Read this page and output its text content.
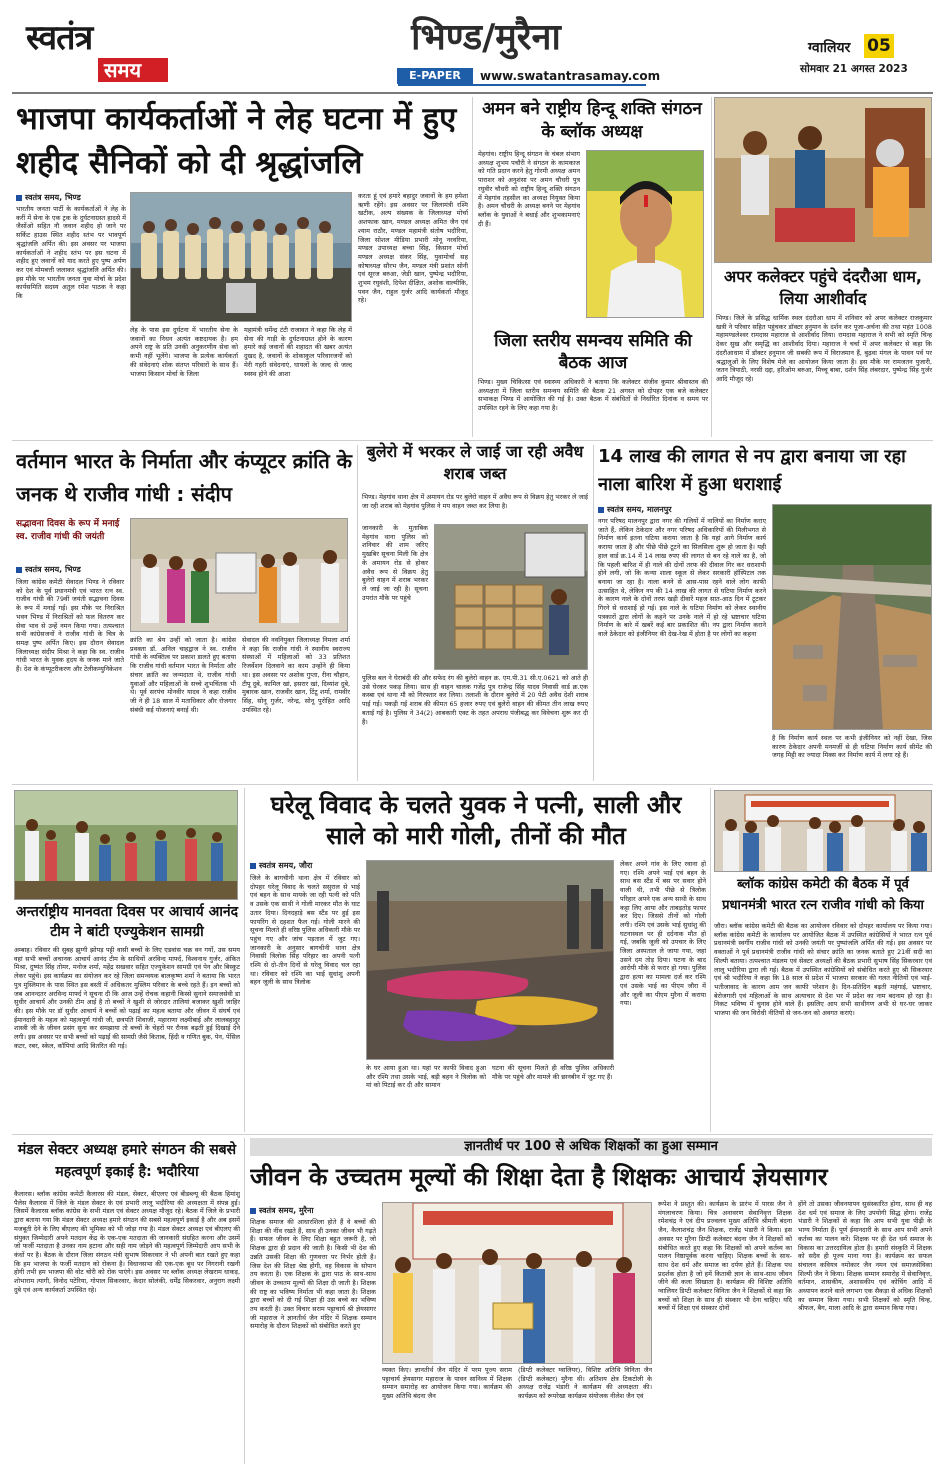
स्वतंत्र
समय
भिण्ड/मुरैना
E-PAPER	www.swatantrasamay.com
ग्वालियर 05
सोमवार 21 अगस्त 2023
भाजपा कार्यकर्ताओं ने लेह घटना में हुए शहीद सैनिकों को दी श्रृद्धांजलि
स्वतंत्र समय, भिण्ड
भारतीय जनता पार्टी के कार्यकर्ताओं ने लेह के करीं में सेना के एक ट्रक के दुर्घटनाग्रस्त हादसे में जैसोंओ सहित नौ जवान शहीद हो जाने पर सर्किट हाउस स्थित शहीद स्तंभ पर भावपूर्ण श्रृद्धांजलि अर्पित की। इस अवसर पर भाजपा कार्यकर्ताओं ने शहीद स्तंभ पर इस घटना में शहीद हुए जवानों को याद करते हुए पुष्प अर्पण कर एवं मोमबत्ती जलाकर श्रृद्धांजलि अर्पित की। इस मौके पर भारतीय जनता युवा मोर्चा के प्रदेश कार्यसमिति सदस्य अतुल रमेश पाठक ने कहा कि
लेह के पास इस दुर्घटना में भारतीय सेना के जवानों का निधन अत्यंत कष्टदायक है। हम अपने राष्ट्र के प्रति उनकी अनुकरणीय सेवा को कभी नहीं भूलेंगे। भाजपा के प्रत्येक कार्यकर्ता की संवेदनाएं शोक संतप्त परिवारों के साथ हैं। भाजपा किसान मोर्चा के जिला
महामंत्री धर्मेन्द्र टंटी राजावत ने कहा कि लेह में सेना की गाड़ी के दुर्घटनाग्रस्त होने के कारण हमारे कई जवानों की शहादत की खबर अत्यंत दुखद है, जवानों के शोकाकुल परिवारजनों को मेरी गहरी संवेदनाएं, घायलों के जल्द से जल्द स्वस्थ होने की आशा
करता हूं एवं हमारे बहादुर जवानों के हम हमेशा ऋणी रहेंगे। इस अवसर पर जिलामंत्री रश्मि खटीक, अल्प संख्यक के जिलाध्यक्ष मोर्चा अशफाक खान, मण्डल अध्यक्ष अमित जैन एवं श्याम राठौर, मण्डल महामंत्री संतोष भदौरिया, जिला सोशल मीडिया प्रभारी मोनू नरवरिया, मण्डल उपाध्यक्ष बच्चा सिंह, किसान मोर्चा मण्डल अध्यक्ष संकर सिंह, युवामोर्चा सह कोषाध्यक्ष सौरभ जैन, मण्डल मंत्री प्रशांत सोनी एवं सूरज बरुआ, जेडी खान, पुष्पेन्द्र भदौरिया, शुभम रघुवंशी, दिपेश दीक्षित, अशोक वाल्मीकि, पवन जैन, राहुल गुर्जर आदि कार्यकर्ता मौजूद रहे।
अमन बने राष्ट्रीय हिन्दू शक्ति संगठन के ब्लॉक अध्यक्ष
मेहगांव। राष्ट्रीय हिन्दू संगठन के चंबल संभाग अध्यक्ष शुभम पचौरी ने संगठन के कामकाज को गति प्रदान करने हेतु गोरमी अध्यक्ष अमन पाराशर को अनुशंसा पर अमन चौधरी पुत्र रघुवीर चौधरी को राष्ट्रीय हिन्दू शक्ति संगठन में मेहगांव तहसील का अध्यक्ष नियुक्त किया है। अमन चौधरी के अध्यक्ष बनने पर मेहगांव ब्लॉक के युवाओं ने बधाई और शुभकामनाएं दी हैं।
जिला स्तरीय समन्वय समिति की बैठक आज
भिण्ड। मुख्य चिकित्सा एवं स्वास्थ्य अधिकारी ने बताया कि कलेक्टर संजीव कुमार श्रीवास्तव की अध्यक्षता में जिला स्तरीय समन्वय समिति की बैठक 21 अगस्त को दोपहर एक बजे कलेक्टर सभाकक्ष भिण्ड में आयोजित की गई है। उक्त बैठक में संबंधितों से निर्धारित दिनांक व समय पर उपस्थित रहने के लिए कहा गया है।
अपर कलेक्टर पहुंचे दंदरौआ धाम, लिया आशीर्वाद
भिण्ड। जिले के प्रसिद्ध धार्मिक स्थल दंदरौआ धाम में शनिवार को अपर कलेक्टर राजकुमार खत्री ने परिवार सहित पहुंचकर डॉक्टर हनुमान के दर्शन कर पूजा-अर्चना की तथा महंत 1008 महामण्डलेश्वर रामदास महाराज से आशीर्वाद लिया। रामदास महाराज ने सभी को स्मृति चिन्ह देकर सुख और समृद्धि का आशीर्वाद दिया। महाराज ने चर्चा में अपर कलेक्टर से कहा कि दंदरौआधाम में डॉक्टर हनुमान जी सबकी रूप में विराजमान हैं, बुढ़वा मंगल के पावन पर्व पर श्रद्धालुओं के लिए विशेष मेले का आयोजन किया जाता है। इस मौके पर रामजतन पुजारी, जतन त्रिपाठी, नरसी दद्दा, हरिओम बरुआ, मिच्चू बाबा, दर्शन सिंह लंबरदार, पुष्पेन्द्र सिंह गुर्जर आदि मौजूद रहे।
वर्तमान भारत के निर्माता और कंप्यूटर क्रांति के जनक थे राजीव गांधी : संदीप
सद्भावना दिवस के रूप में मनाई स्व. राजीव गांधी की जयंती
स्वतंत्र समय, भिण्ड
जिला कांग्रेस कमेटी सेवादल भिण्ड ने रविवार को देश के पूर्व प्रधानमंत्री एवं भारत रत्न स्व. राजीव गांधी की 79वीं जयंती सद्भावना दिवस के रूप में मनाई गई। इस मौके पर निराश्रित भवन भिण्ड में निराश्रितों को फल वितरण कर सेवा भाव से उन्हें नमन किया गया। तत्पश्चात सभी कांग्रेसजनों ने राजीव गांधी के चित्र के समक्ष पुष्प अर्पित किए। इस दौरान सेवादल जिलाध्यक्ष संदीप मिश्रा ने कहा कि स्व. राजीव गांधी भारत के युवक हृदय के जनक माने जाते हैं। देश के कंप्यूटरीकरण और टेलीकम्युनिकेशन
क्रांति का श्रेय उन्हीं को जाता है। कांग्रेस प्रवक्ता डॉ. अनिल चाहद्वाज ने स्व. राजीव गांधी के व्यक्तित्व पर प्रकाश डालते हुए बताया कि राजीव गांधी वर्तमान भारत के निर्माता और संचार क्रांति का जन्मदाता थे, राजीव गांधी युवाओं और महिलाओं के सच्चे शुभचिंतक भी थे। पूर्व सरपंच मोनवीर यादव ने कहा राजीव जी ने ही 18 साल में मताधिकार और रोजगार संबंधी कई योजनाएं बनाई थी।
सेवादल की नवनियुक्त जिलाध्यक्ष निमला शर्मा ने कहा कि राजीव गांधी ने स्थानीय स्वराज्य संस्थाओं में महिलाओं को 33 प्रतिशत रिजर्वेशन दिलवाने का काम उन्होंने ही किया था। इस अवसर पर अशोक गुप्ता, रीना चौहान, टीपू दुबे, कामिल खां, इसरार खां, दिव्यांश दुबे, मुबारक खान, राजवीर खान, टिंटू शर्मा, रामवीर सिंह, सोनू गुर्जर, नरेन्द्र, सोनू पुरोहित आदि उपस्थित रहे।
बुलेरो में भरकर ले जाई जा रही अवैध शराब जब्त
भिण्ड। मेहगांव थाना क्षेत्र में अमायन रोड पर बुलेरो वाहन में अवैध रूप से विक्रय हेतु भरकर ले जाई जा रही शराब को मेहगांव पुलिस ने मय वाहन जब्त कर लिया है।
जानकारी के मुताबिक मेहगांव थाना पुलिस को शनिवार की शाम जरिए मुखबिर सूचना मिली कि क्षेत्र के अमायन रोड से होकर अवैध रूप से विक्रय हेतु बुलेरो वाहन में शराब भरकर ले जाई जा रही है। सूचना उपरांत मौके पर पहुंचे
पुलिस बल ने घेराबंदी की और सफेद रंग की बुलेरो वाहन क्र. एम.पी.31 सी.ए.0621 को आते ही उसे घेरकर पकड़ लिया। साथ ही वाहन चालक गजेंद्र पुत्र राजेन्द्र सिंह यादव निवासी वार्ड क्र.एक कस्बा एवं थाना मौ को गिरफ्तार कर लिया। तलाशी के दौरान बुलेरो में 20 पेटी अवैध देशी शराब पाई गई। पकड़ी गई शराब की कीमत 65 हजार रुपए एवं बुलेरो वाहन की कीमत तीन लाख रुपए बताई गई है। पुलिस ने 34(2) आबकारी एक्ट के तहत अपराध पंजीबद्ध कर विवेचना शुरू कर दी है।
14 लाख की लागत से नप द्वारा बनाया जा रहा नाला बारिश में हुआ धराशाई
स्वतंत्र समय, मालनपुर
नगर परिषद मालनपुर द्वारा नगर की गलियों में नालियों का निर्माण कराए जाते हैं, लेकिन ठेकेदार और नगर परिषद अधिकारियों की मिलीभगत से निर्माण कार्य इतना घटिया कराया जाता है कि यहां आगे निर्माण कार्य कराया जाता है और पीछे पीछे टूटने का सिलसिला शुरू हो जाता है। यही हाल वार्ड क्र.14 में 14 लाख रुपए की लागत से बन रहे नाले का है, जो कि पहली बारिश में ही नाले की दोनों तरफ की दीवाल गिर कर धराशायी होने लगी, जो कि कन्या शाला स्कूल से लेकर सरकारी हॉस्पिटल तक बनाया जा रहा है। नाला बनने से आस-पास रहने वाले लोग काफी उत्साहित थे, लेकिन नप की 14 लाख की लागत से घटिया निर्माण करने के कारण नाले के दोनों तरफ खड़ी दीवारें महज सात-आठ दिन में टूटकर गिरने से धराशाई हो गई। इस नाले के घटिया निर्माण को लेकर स्थानीय पत्रकारों द्वारा लोगों के कहने पर उनके नाले में हो रहे भ्रष्टाचार घटिया निर्माण के बारे में खबरें कई बार प्रकाशित की। नप द्वारा निर्माण कराने वाले ठेकेदार को इंजीनियर की देख-रेख में होता है पर लोगों का कहना
है कि निर्माण कार्य स्थल पर कभी इंजीनियर को नहीं देखा, जिस कारण ठेकेदार अपनी मनमर्जी से ही घटिया निर्माण कार्य सीमेंट की जगह मिट्टी का ज्यादा मिक्स कर निर्माण कार्य में लगा रहे हैं।
अन्तर्राष्ट्रीय मानवता दिवस पर आचार्य आनंद टीम ने बांटी एज्युकेशन सामग्री
अम्बाह। रविवार की सुबह झुग्गी झोपड़ पट्टी वासी बच्चों के लिए एडवांस चक्र वन गर्यो, उस समय वहां सभी बच्चों अचानक आचार्य आनंद टीम के साथियों अरविन्द मार्फ्द, विश्वनाथ गुर्जर, अंकित मिश्रा, दुष्यंत सिंह तोमर, मनोज शर्मा, महेंद्र सखवार सहित एज्युकेशन सामग्री एवं पेन और बिस्कुट लेकर पहुंचे। इस कार्यक्रम का संयोजन कर रहे जिला समन्वयक बालकृष्ण शर्मा ने बताया कि भारत पुत्र मुस्लिमान के पास स्थित इस बस्ती में अधिकतर मुस्लिम परिवार के बच्चे रहते हैं। इन बच्चों को जब आनन्दतर अरविन्द मार्फ्द ने सूचना दी कि आज उन्हें रोचक कहानी किस्से सुनाने समाजसेवी डा सुधीर आचार्य और उनकी टीम आई है तो बच्चों ने खुशी से जोरदार तालियां बजाकर खुशी जाहिर की। इस मौके पर डॉ सुधीर आचार्य ने बच्चों को पढ़ाई का महत्व बताया और जीवन में संघर्ष एवं ईमानदारी के महत्व को महत्वपूर्ण गांधी जी, छत्रपति शिवाजी, महाराणा लक्ष्मीबाई और लालबहादुर शास्त्री जी के जीवन प्रसंग सुना कर समझाया तो बच्चों के चेहरों पर रौनक बढ़ती हुई दिखाई देने लगी। इस अवसर पर सभी बच्चों को पढ़ाई की सामग्री जैसे किताब, हिंदी व गणित बुक, पेन, पेंसिल कटर, रबर, स्केल, कॉपियां आदि वितरित की गई।
घरेलू विवाद के चलते युवक ने पत्नी, साली और साले को मारी गोली, तीनों की मौत
स्वतंत्र समय, जौरा
जिले के बागचीनी थाना क्षेत्र में रविवार को दोपहर घरेलू विवाद के चलते ससुराल से भाई एवं बहन के साथ मायके जा रही पत्नी को पति व उसके एक साथी ने गोली मारकर मौत के घाट उतार दिया। दिनदहाड़े बस स्टैंड पर हुई इस फायरिंग से दहशत फैल गई। गोली मारने की सूचना मिलते ही वरिष्ठ पुलिस अधिकारी मौके पर पहुंच गए और जांच पड़ताल में जुट गए। जानकारी के अनुसार बागचीनी थाना क्षेत्र निवासी त्रिलोक सिंह परिहार का अपनी पत्नी रश्मि से दो-तीन दिनों से घरेलू विवाद चल रहा था। रविवार को रश्मि का भाई सुधांशु अपनी बहन जूली के साथ त्रिलोक
के घर आया हुआ था। यहां पर काफी विवाद हुआ और रश्मि तथा उसके भाई, बड़ी बहन ने त्रिलोक को मां को पिटाई कर दी और सामान
घटना की सूचना मिलते ही वरिष्ठ पुलिस अधिकारी मौके पर पहुंचे और मामले की छानबीन में जुट गए हैं।
लेकर अपने गांव के लिए रवाना हो गए। रश्मि अपने भाई एवं बहन के साथ बस स्टैंड में बस पर सवार होने वाली थी, तभी पीछे से त्रिलोक परिहार अपने एक अन्य साथी के साथ कट्टा लिए आया और ताबड़तोड़ फायर कर दिए। जिससे तीनों को गोली लगी। रश्मि एवं उसके भाई सुधांशु की घटनास्थल पर ही दर्दनाक मौत हो गई, जबकि जूली को उपचार के लिए जिला अस्पताल ले जाया गया, जहां उसने दम तोड़ दिया। घटना के बाद आरोपी मौके से फरार हो गया। पुलिस द्वारा हत्या का मामला दर्ज कर रश्मि एवं उसके भाई का पीएम जौरा में और जूली का पीएम मुरैना में कराया गया।
ब्लॉक कांग्रेस कमेटी की बैठक में पूर्व प्रधानमंत्री भारत रत्न राजीव गांधी को किया
जौरा। ब्लॉक कांग्रेस कमेटी की बैठक का आयोजन रविवार को दोपहर कार्यालय पर किया गया। ब्लॉक कांग्रेस कमेटी के कार्यालय पर आयोजित बैठक में उपस्थित कांग्रेसियों ने भारत रत्न पूर्व प्रधानमंत्री स्वर्गीय राजीव गांधी को उनकी जयंती पर पुष्पांजलि अर्पित की गई। इस अवसर पर वक्ताओं ने पूर्व प्रधानमंत्री राजीव गांधी को संचार क्रांति का जनक बताते हुए 21वीं सदी का शिल्पी बताया। तत्पश्चात मंडलम एवं सेक्टर अध्यक्षों की बैठक प्रभारी सुभाष सिंह सिकरवार एवं लालू भदौरिया द्वारा ली गई। बैठक में उपस्थित कांग्रेसियों को संबोधित करते हुए श्री सिकरवार एवं श्री भदौरिया ने कहा कि 18 साल से प्रदेश में भाजपा सरकार की गलत नीतियों एवं भाई-भतीजावाद के कारण आम जन काफी परेशान है। दिन-प्रतिदिन बढ़ती महंगाई, भ्रष्टाचार, बेरोजगारी एवं महिलाओं के साथ अत्याचार से देश भर में प्रदेश का नाम बदनाम हो रहा है। निकट भविष्य में चुनाव होने वाले हैं। इसलिए आप सभी साथीगण अभी से घर-घर जाकर भाजपा की जन विरोधी नीतियों से जन-जन को अवगत कराएं।
मंडल सेक्टर अध्यक्ष हमारे संगठन की सबसे महत्वपूर्ण इकाई है: भदौरिया
कैलारस। ब्लॉक कांग्रेस कमेटी कैलारस की मंडल, सेक्टर, बीएलए एवं बीडब्ल्यू की बैठक हिमांशु पैलेस कैलारस में जिले के मंडल सेक्टर के एवं प्रभारी लालू भदौरिया की अध्यक्षता में संपन्न हुई। जिसमें कैलारस ब्लॉक कांग्रेस के सभी मंडल एवं सेक्टर अध्यक्ष मौजूद रहे। बैठक में जिले के प्रभारी द्वारा बताया गया कि मंडल सेक्टर अध्यक्ष हमारे संगठन की सबसे महत्वपूर्ण इकाई है और अब इसमें मजबूती देने के लिए बीएलए की भूमिका को भी जोड़ा गया है। मंडल सेक्टर अध्यक्ष एवं बीएलए की संयुक्त जिम्मेदारी अपने मतदान केंद्र के एक-एक मतदाता की जानकारी संग्रहित करना और उसमें जो फर्जी मतदाता है उनका नाम हटाना और सही नाम जोड़ने की महत्वपूर्ण जिम्मेदारी आप सभी के कंधों पर है। बैठक के दौरान जिला संगठन मंत्री सुभाष सिकरवार ने भी अपनी बात रखते हुए कहा कि हम भाजपा के फर्जी मतदान को रोकना है। विधानसभा की एक-एक बूथ पर निगरानी रखनी होगी तभी हम भाजपा की वोट चोरी को रोक पाएंगे। इस अवसर पर ब्लॉक अध्यक्ष लेखराम धाकड़, शोभाराम त्यागी, विनोद पटेरिया, गोपाल सिकरवार, केदार सोलंकी, धर्मेंद्र सिकरवार, अनुराग लक्ष्मी दुबे एवं अन्य कार्यकर्ता उपस्थित रहे।
ज्ञानतीर्थ पर 100 से अधिक शिक्षकों का हुआ सम्मान
जीवन के उच्चतम मूल्यों की शिक्षा देता है शिक्षकः आचार्य ज्ञेयसागर
स्वतंत्र समय, मुरैना
शिक्षक समाज की आधारशिला होते हैं वे बच्चों की शिक्षा की नींव रखते हैं, साथ ही उनका जीवन भी गढ़ते हैं। सफल जीवन के लिए शिक्षा बहुत जरूरी है, जो शिक्षक द्वारा ही प्रदान की जाती है। किसी भी देश की उन्नति उसकी शिक्षा की गुणवत्ता पर निर्भर होती है। जिस देश की शिक्षा श्रेष्ठ होगी, वह विकास के सोपान तय करता है। एक शिक्षक के द्वारा पाठ के साथ-साथ जीवन के उच्चतम मूल्यों की शिक्षा दी जाती है। शिक्षक की राष्ट्र का भविष्य निर्माता भी कहा जाता है। शिक्षक द्वारा बच्चों को दी गई शिक्षा ही उस बच्चे का भविष्य तय करती है। उक्त विचार सराम पट्टाचार्य श्री ज्ञेयसागर जी महाराज ने ज्ञानतीर्थ जैन मंदिर में शिक्षक सम्मान समारोह के दौरान शिक्षकों को संबोधित करते हुए
व्यक्त किए। ज्ञानतीर्थ जैन मंदिर में परम पूज्य सराम पट्टाचार्य ज्ञेयसागर महाराज के पावन सानिध्य में शिक्षक सम्मान समारोह का आयोजन किया गया। कार्यक्रम की मुख्य अतिथि बंदना जैन
(डिप्टी कलेक्टर ग्वालियर), विशिष्ट अतिथि विनिता जैन (डिप्टी कलेक्टर) मुरैना थी। अतिशय क्षेत्र टिकटोली के अध्यक्ष राजेंद्र भंडारी ने कार्यक्रम की अध्यक्षता की। कार्यक्रम को रूपरेखा कार्यक्रम संयोजक नीलेश जैन एवं
रूपेश ने प्रस्तुत की। कार्यक्रम के प्रारंभ में पारस जैन ने मंगलाचरण किया। चित्र अनावरण सेवानिवृत्त शिक्षक रमेशचंद्र ने एवं दीप प्रज्वलन मुख्य अतिथि श्रीमती बंदना जैन, कैलाशचंद्र जैन शिक्षक, राजेंद्र भंडारी ने किया। इस अवसर पर मुरैना डिप्टी कलेक्टर बंदना जैन ने शिक्षकों को संबोधित करते हुए कहा कि शिक्षकों को अपने कर्तव्य का पालन निष्ठापूर्वक करना चाहिए। शिक्षक बच्चों के साथ-साथ देश धर्म और समाज का दर्पण होते हैं। शिक्षक पथ प्रदर्शक होता है जो हमें किताबी ज्ञान के साथ-साथ जीवन जीने की कला सिखाता है। कार्यक्रम की विशिष्ट अतिथि ग्वालियर डिप्टी कलेक्टर विनिता जैन ने शिक्षकों से कहा कि बच्चों को शिक्षा के साथ ही संस्कार भी देना चाहिए। यदि बच्चों में शिक्षा एवं संस्कार दोनों
होंगे तो उसका जीवनयापन सुसंस्कारित होगा, साथ ही वह देश धर्म एवं समाज के लिए उपयोगी सिद्ध होगा। राजेंद्र भंडारी ने शिक्षकों से कहा कि आप सभी युवा पीढ़ी के भाग्य निर्माता हैं। पूर्ण ईमानदारी के साथ आप सभी अपने कर्तव्य का पालन करें। शिक्षक पर ही देश धर्म समाज के विकास का उत्तरदायित्व होता है। हमारी संस्कृति में शिक्षक को सदैव ही पूज्य माना गया है। कार्यक्रम का सफल संचालन कवियत्र नमोकार जैन नमन एवं समाजसेविका शिल्पी जैन ने किया। शिक्षक सम्मान समारोह में सेवानिवृत्त, वर्तमान, शासकीय, अशासकीय एवं कोचिंग आदि में अध्यापन कराने वाले लगभग एक सैकड़ा से अधिक शिक्षकों का सम्मान किया गया। सभी शिक्षकों को स्मृति चिन्ह, श्रीफल, बैग, माला आदि के द्वारा सम्मान किया गया।
